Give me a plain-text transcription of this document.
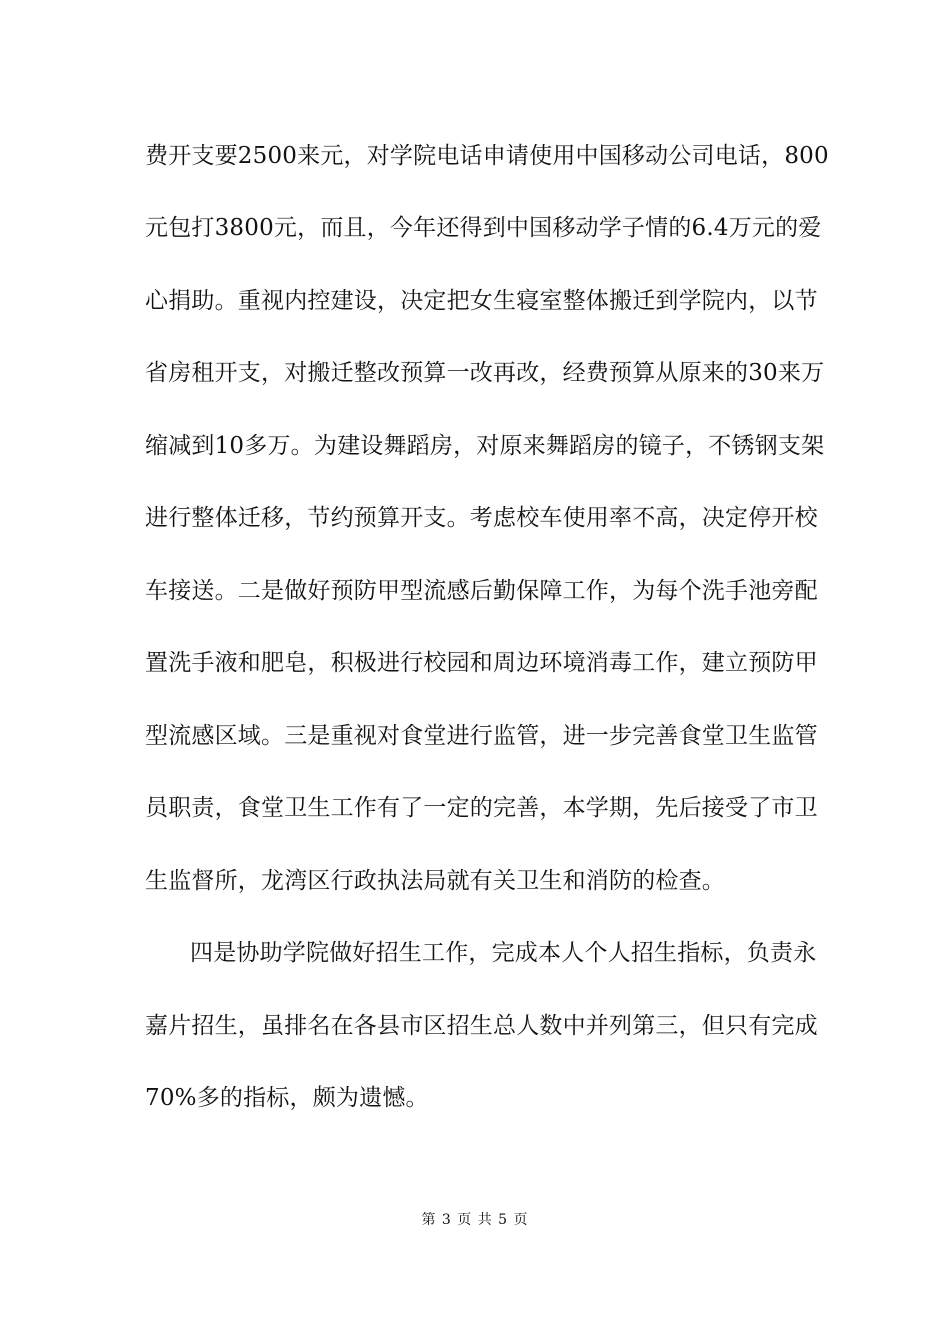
费开支要2500来元，对学院电话申请使用中国移动公司电话，800
元包打3800元，而且，今年还得到中国移动学子情的6.4万元的爱
心捐助。重视内控建设，决定把女生寝室整体搬迁到学院内，以节
省房租开支，对搬迁整改预算一改再改，经费预算从原来的30来万
缩减到10多万。为建设舞蹈房，对原来舞蹈房的镜子，不锈钢支架
进行整体迁移，节约预算开支。考虑校车使用率不高，决定停开校
车接送。二是做好预防甲型流感后勤保障工作，为每个洗手池旁配
置洗手液和肥皂，积极进行校园和周边环境消毒工作，建立预防甲
型流感区域。三是重视对食堂进行监管，进一步完善食堂卫生监管
员职责，食堂卫生工作有了一定的完善，本学期，先后接受了市卫
生监督所，龙湾区行政执法局就有关卫生和消防的检查。
四是协助学院做好招生工作，完成本人个人招生指标，负责永
嘉片招生，虽排名在各县市区招生总人数中并列第三，但只有完成
70%多的指标，颇为遗憾。
第 3 页 共 5 页
